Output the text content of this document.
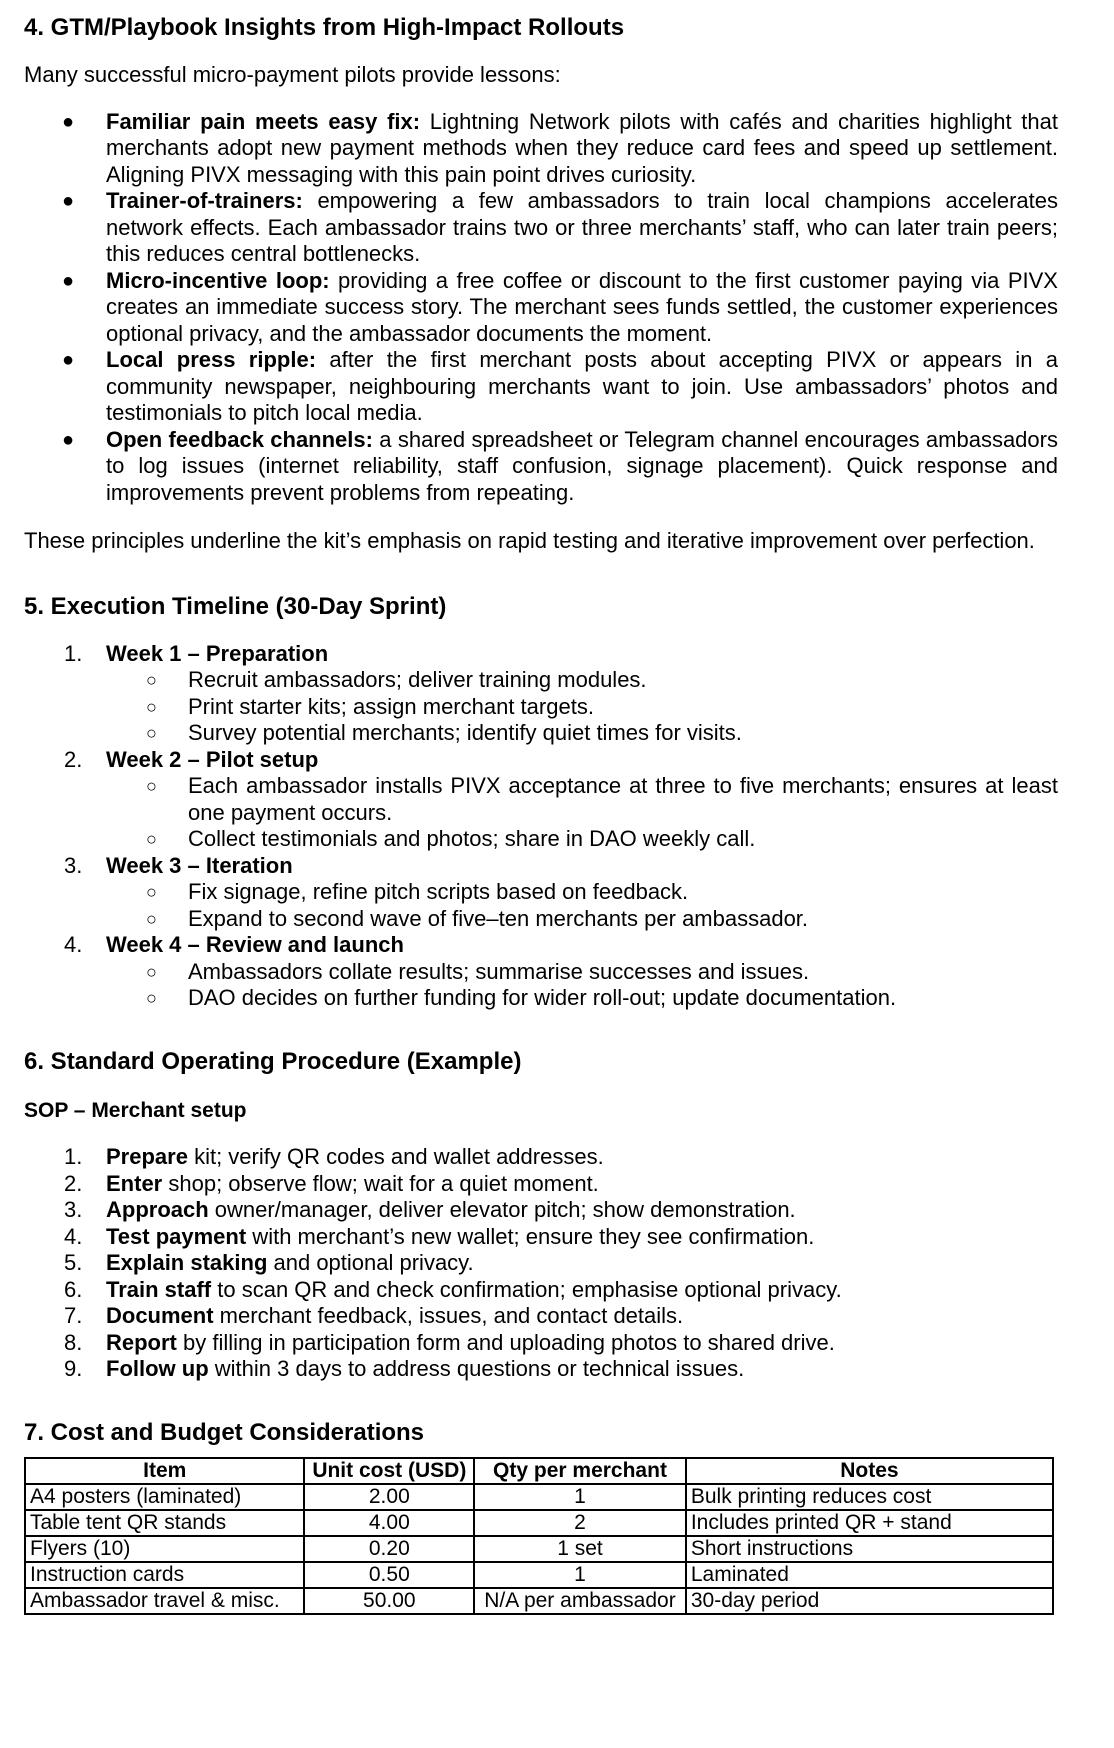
4. GTM/Playbook Insights from High-Impact Rollouts

Many successful micro-payment pilots provide lessons:

● Familiar pain meets easy fix: Lightning Network pilots with cafés and charities highlight that merchants adopt new payment methods when they reduce card fees and speed up settlement. Aligning PIVX messaging with this pain point drives curiosity.
● Trainer-of-trainers: empowering a few ambassadors to train local champions accelerates network effects. Each ambassador trains two or three merchants’ staff, who can later train peers; this reduces central bottlenecks.
● Micro-incentive loop: providing a free coffee or discount to the first customer paying via PIVX creates an immediate success story. The merchant sees funds settled, the customer experiences optional privacy, and the ambassador documents the moment.
● Local press ripple: after the first merchant posts about accepting PIVX or appears in a community newspaper, neighbouring merchants want to join. Use ambassadors’ photos and testimonials to pitch local media.
● Open feedback channels: a shared spreadsheet or Telegram channel encourages ambassadors to log issues (internet reliability, staff confusion, signage placement). Quick response and improvements prevent problems from repeating.

These principles underline the kit’s emphasis on rapid testing and iterative improvement over perfection.

5. Execution Timeline (30-Day Sprint)
1. Week 1 – Preparation
○ Recruit ambassadors; deliver training modules.
○ Print starter kits; assign merchant targets.
○ Survey potential merchants; identify quiet times for visits.
2. Week 2 – Pilot setup
○ Each ambassador installs PIVX acceptance at three to five merchants; ensures at least one payment occurs.
○ Collect testimonials and photos; share in DAO weekly call.
3. Week 3 – Iteration
○ Fix signage, refine pitch scripts based on feedback.
○ Expand to second wave of five–ten merchants per ambassador.
4. Week 4 – Review and launch
○ Ambassadors collate results; summarise successes and issues.
○ DAO decides on further funding for wider roll-out; update documentation.
6. Standard Operating Procedure (Example)

SOP – Merchant setup

1. Prepare kit; verify QR codes and wallet addresses.
2. Enter shop; observe flow; wait for a quiet moment.
3. Approach owner/manager, deliver elevator pitch; show demonstration.
4. Test payment with merchant’s new wallet; ensure they see confirmation.
5. Explain staking and optional privacy.
6. Train staff to scan QR and check confirmation; emphasise optional privacy.
7. Document merchant feedback, issues, and contact details.
8. Report by filling in participation form and uploading photos to shared drive.
9. Follow up within 3 days to address questions or technical issues.
7. Cost and Budget Considerations
Item	Unit cost (USD)	Qty per merchant	Notes
A4 posters (laminated)	2.00	1	Bulk printing reduces cost
Table tent QR stands	4.00	2	Includes printed QR + stand
Flyers (10)	0.20	1 set	Short instructions
Instruction cards	0.50	1	Laminated
Ambassador travel & misc.	50.00	N/A per ambassador	30-day period
